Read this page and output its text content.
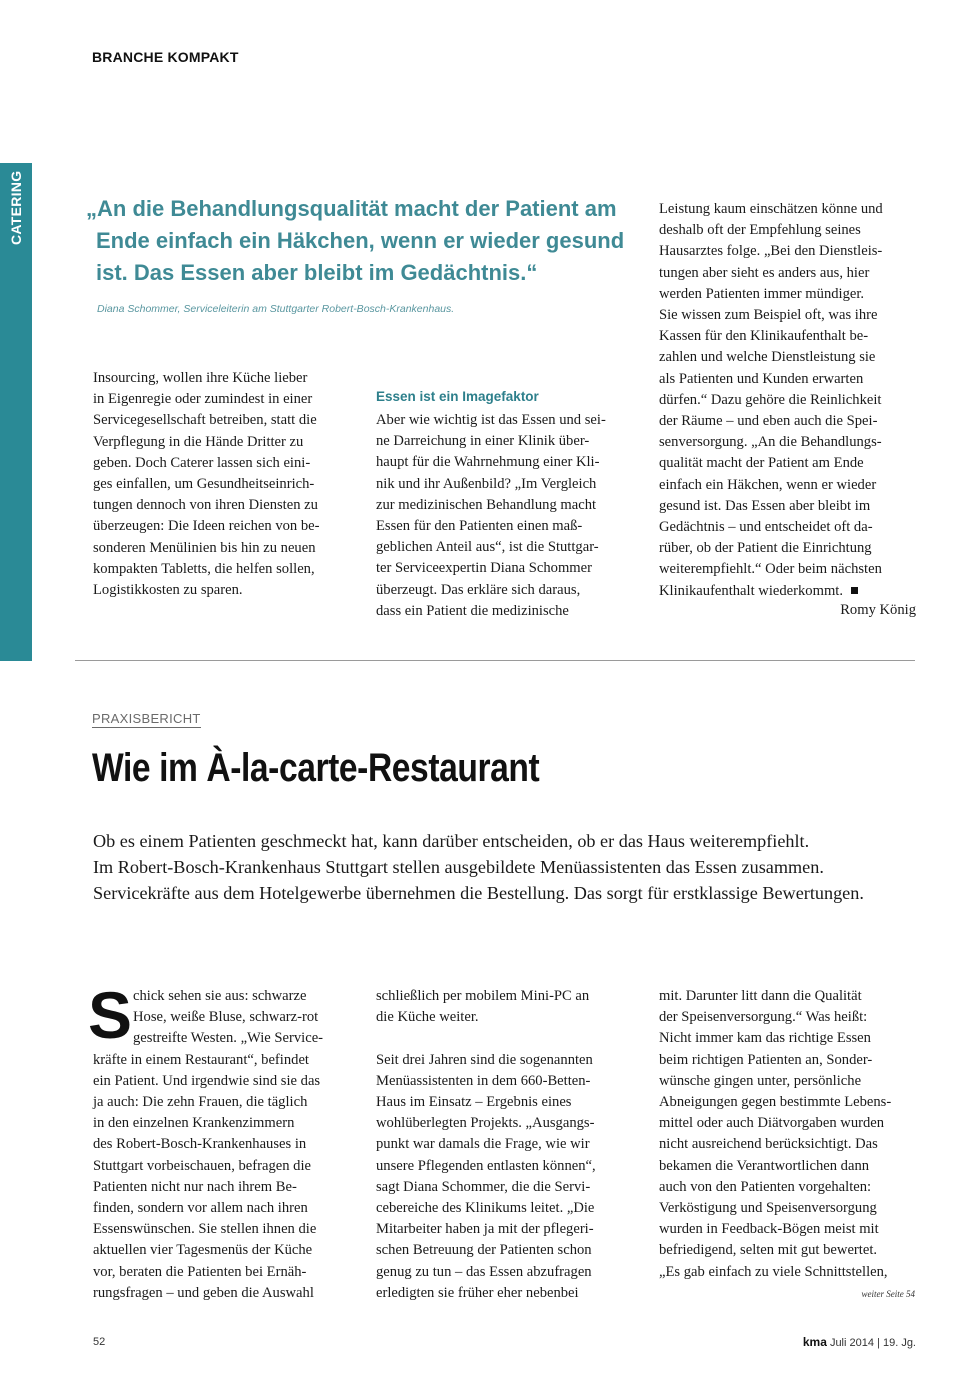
BRANCHE KOMPAKT
CATERING	„An die Behandlungsqualität macht der Patient am
Ende einfach ein Häkchen, wenn er wieder gesund
ist. Das Essen aber bleibt im Gedächtnis.“
Diana Schommer, Serviceleiterin am Stuttgarter Robert-Bosch-Krankenhaus.
Insourcing, wollen ihre Küche lieber
in Eigenregie oder zumindest in einer
Servicegesellschaft betreiben, statt die
Verpflegung in die Hände Dritter zu
geben. Doch Caterer lassen sich eini-
ges einfallen, um Gesundheitseinrich-
tungen dennoch von ihren Diensten zu
überzeugen: Die Ideen reichen von be-
sonderen Menülinien bis hin zu neuen
kompakten Tabletts, die helfen sollen,
Logistikkosten zu sparen.
Essen ist ein Imagefaktor
Aber wie wichtig ist das Essen und sei-
ne Darreichung in einer Klinik über-
haupt für die Wahrnehmung einer Kli-
nik und ihr Außenbild? „Im Vergleich
zur medizinischen Behandlung macht
Essen für den Patienten einen maß-
geblichen Anteil aus“, ist die Stuttgar-
ter Serviceexpertin Diana Schommer
überzeugt. Das erkläre sich daraus,
dass ein Patient die medizinische
Leistung kaum einschätzen könne und
deshalb oft der Empfehlung seines
Hausarztes folge. „Bei den Dienstleis-
tungen aber sieht es anders aus, hier
werden Patienten immer mündiger.
Sie wissen zum Beispiel oft, was ihre
Kassen für den Klinikaufenthalt be-
zahlen und welche Dienstleistung sie
als Patienten und Kunden erwarten
dürfen.“ Dazu gehöre die Reinlichkeit
der Räume – und eben auch die Spei-
senversorgung. „An die Behandlungs-
qualität macht der Patient am Ende
einfach ein Häkchen, wenn er wieder
gesund ist. Das Essen aber bleibt im
Gedächtnis – und entscheidet oft da-
rüber, ob der Patient die Einrichtung
weiterempfiehlt.“ Oder beim nächsten
Klinikaufenthalt wiederkommt.
Romy König
PRAXISBERICHT
Wie im À-la-carte-Restaurant
Ob es einem Patienten geschmeckt hat, kann darüber entscheiden, ob er das Haus weiterempfiehlt.
Im Robert-Bosch-Krankenhaus Stuttgart stellen ausgebildete Menüassistenten das Essen zusammen.
Servicekräfte aus dem Hotelgewerbe übernehmen die Bestellung. Das sorgt für erstklassige Bewertungen.
S chick sehen sie aus: schwarze
Hose, weiße Bluse, schwarz-rot
gestreifte Westen. „Wie Service-
kräfte in einem Restaurant“, befindet
ein Patient. Und irgendwie sind sie das
ja auch: Die zehn Frauen, die täglich
in den einzelnen Krankenzimmern
des Robert-Bosch-Krankenhauses in
Stuttgart vorbeischauen, befragen die
Patienten nicht nur nach ihrem Be-
finden, sondern vor allem nach ihren
Essenswünschen. Sie stellen ihnen die
aktuellen vier Tagesmenüs der Küche
vor, beraten die Patienten bei Ernäh-
rungsfragen – und geben die Auswahl
schließlich per mobilem Mini-PC an
die Küche weiter.
Seit drei Jahren sind die sogenannten
Menüassistenten in dem 660-Betten-
Haus im Einsatz – Ergebnis eines
wohlüberlegten Projekts. „Ausgangs-
punkt war damals die Frage, wie wir
unsere Pflegenden entlasten können“,
sagt Diana Schommer, die die Servi-
cebereiche des Klinikums leitet. „Die
Mitarbeiter haben ja mit der pflegeri-
schen Betreuung der Patienten schon
genug zu tun – das Essen abzufragen
erledigten sie früher eher nebenbei
mit. Darunter litt dann die Qualität
der Speisenversorgung.“ Was heißt:
Nicht immer kam das richtige Essen
beim richtigen Patienten an, Sonder-
wünsche gingen unter, persönliche
Abneigungen gegen bestimmte Lebens-
mittel oder auch Diätvorgaben wurden
nicht ausreichend berücksichtigt. Das
bekamen die Verantwortlichen dann
auch von den Patienten vorgehalten:
Verköstigung und Speisenversorgung
wurden in Feedback-Bögen meist mit
befriedigend, selten mit gut bewertet.
„Es gab einfach zu viele Schnittstellen,
weiter Seite 54
52	kma Juli 2014 | 19. Jg.
